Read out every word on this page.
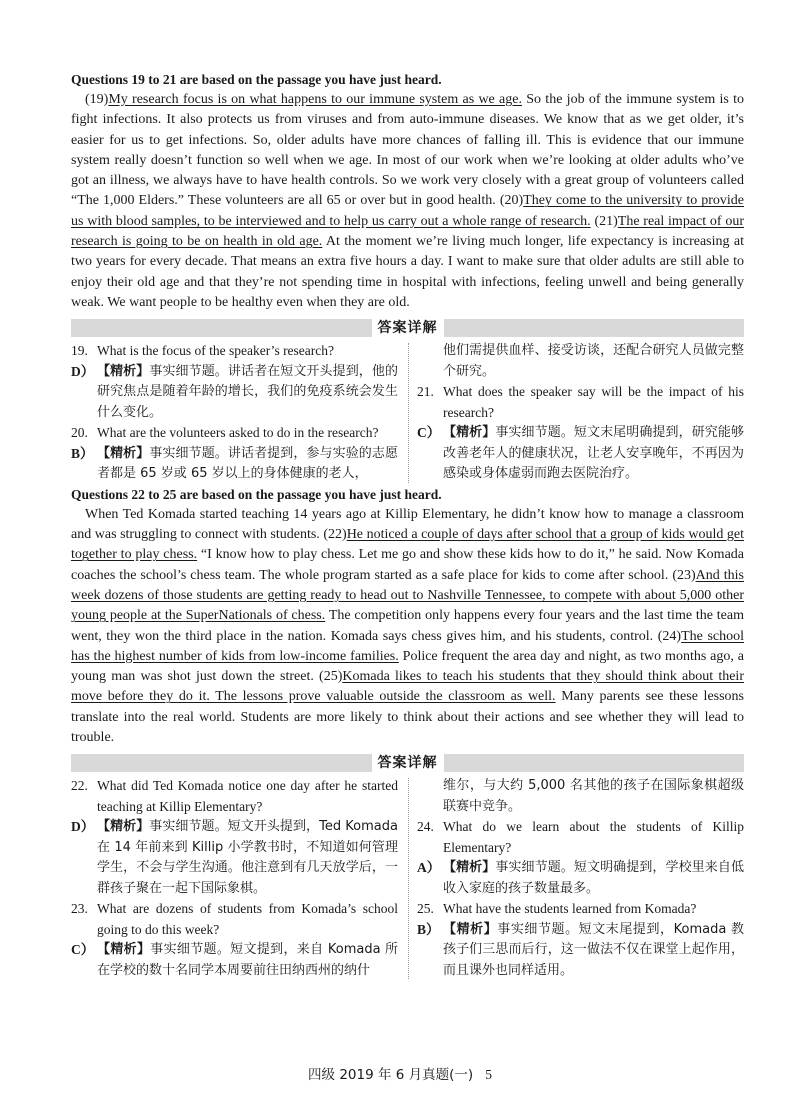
Questions 19 to 21 are based on the passage you have just heard.

(19)My research focus is on what happens to our immune system as we age. So the job of the immune system is to fight infections. It also protects us from viruses and from auto-immune diseases. We know that as we get older, it’s easier for us to get infections. So, older adults have more chances of falling ill. This is evidence that our immune system really doesn’t function so well when we age. In most of our work when we’re looking at older adults who’ve got an illness, we always have to have health controls. So we work very closely with a great group of volunteers called “The 1,000 Elders.” These volunteers are all 65 or over but in good health. (20)They come to the university to provide us with blood samples, to be interviewed and to help us carry out a whole range of research. (21)The real impact of our research is going to be on health in old age. At the moment we’re living much longer, life expectancy is increasing at two years for every decade. That means an extra five hours a day. I want to make sure that older adults are still able to enjoy their old age and that they’re not spending time in hospital with infections, feeling unwell and being generally weak. We want people to be healthy even when they are old.

答案详解
19. What is the focus of the speaker’s research?
D） 【精析】事实细节题。讲话者在短文开头提到，他的研究焦点是随着年龄的增长，我们的免疫系统会发生什么变化。
20. What are the volunteers asked to do in the research?
B） 【精析】事实细节题。讲话者提到，参与实验的志愿者都是 65 岁或 65 岁以上的身体健康的老人，
他们需提供血样、接受访谈，还配合研究人员做完整个研究。
21. What does the speaker say will be the impact of his research?
C） 【精析】事实细节题。短文末尾明确提到，研究能够改善老年人的健康状况，让老人安享晚年，不再因为感染或身体虚弱而跑去医院治疗。

Questions 22 to 25 are based on the passage you have just heard.

When Ted Komada started teaching 14 years ago at Killip Elementary, he didn’t know how to manage a classroom and was struggling to connect with students. (22)He noticed a couple of days after school that a group of kids would get together to play chess. “I know how to play chess. Let me go and show these kids how to do it,” he said. Now Komada coaches the school’s chess team. The whole program started as a safe place for kids to come after school. (23)And this week dozens of those students are getting ready to head out to Nashville Tennessee, to compete with about 5,000 other young people at the SuperNationals of chess. The competition only happens every four years and the last time the team went, they won the third place in the nation. Komada says chess gives him, and his students, control. (24)The school has the highest number of kids from low-income families. Police frequent the area day and night, as two months ago, a young man was shot just down the street. (25)Komada likes to teach his students that they should think about their move before they do it. The lessons prove valuable outside the classroom as well. Many parents see these lessons translate into the real world. Students are more likely to think about their actions and see whether they will lead to trouble.

答案详解
22. What did Ted Komada notice one day after he started teaching at Killip Elementary?
D） 【精析】事实细节题。短文开头提到，Ted Komada 在 14 年前来到 Killip 小学教书时，不知道如何管理学生，不会与学生沟通。他注意到有几天放学后，一群孩子聚在一起下国际象棋。
23. What are dozens of students from Komada’s school going to do this week?
C） 【精析】事实细节题。短文提到，来自 Komada 所在学校的数十名同学本周要前往田纳西州的纳什
维尔，与大约 5,000 名其他的孩子在国际象棋超级联赛中竞争。
24. What do we learn about the students of Killip Elementary?
A） 【精析】事实细节题。短文明确提到，学校里来自低收入家庭的孩子数量最多。
25. What have the students learned from Komada?
B） 【精析】事实细节题。短文末尾提到，Komada 教孩子们三思而后行，这一做法不仅在课堂上起作用，而且课外也同样适用。
四级 2019 年 6 月真题(一) 5
